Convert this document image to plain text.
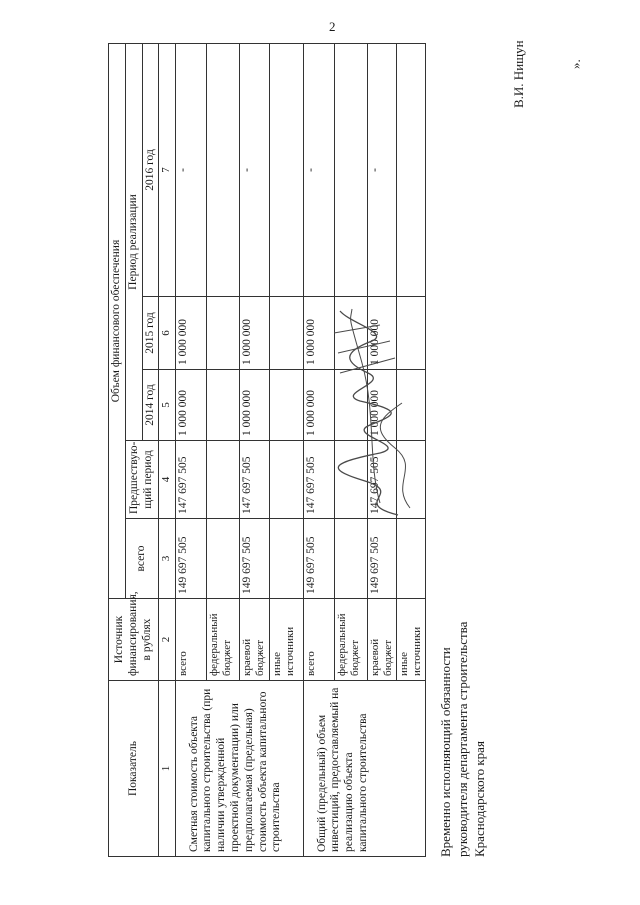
2
Показатель	Источник финансирования, в рублях	Объем финансового обеспечения				
		всего	Предшествую-щий период	Период реализации		
				2014 год	2015 год	2016 год
1	2	3	4	5	6	7
Сметная стоимость объекта капитального строительства (при наличии утвержденной проектной документации) или предполагаемая (предельная) стоимость объекта капитального строительства	всего	149 697 505	147 697 505	1 000 000	1 000 000	-
	федеральный бюджет					
	краевой бюджет	149 697 505	147 697 505	1 000 000	1 000 000	-
	иные источники					
Общий (предельный) объем инвестиций, предоставляемый на реализацию объекта капитального строительства	всего	149 697 505	147 697 505	1 000 000	1 000 000	-
	федеральный бюджет					
	краевой бюджет	149 697 505	147 697 505	1 000 000	1 000 000	-
	иные источники					
».
Временно исполняющий обязанности руководителя департамента строительства Краснодарского края
В.И. Нищун
